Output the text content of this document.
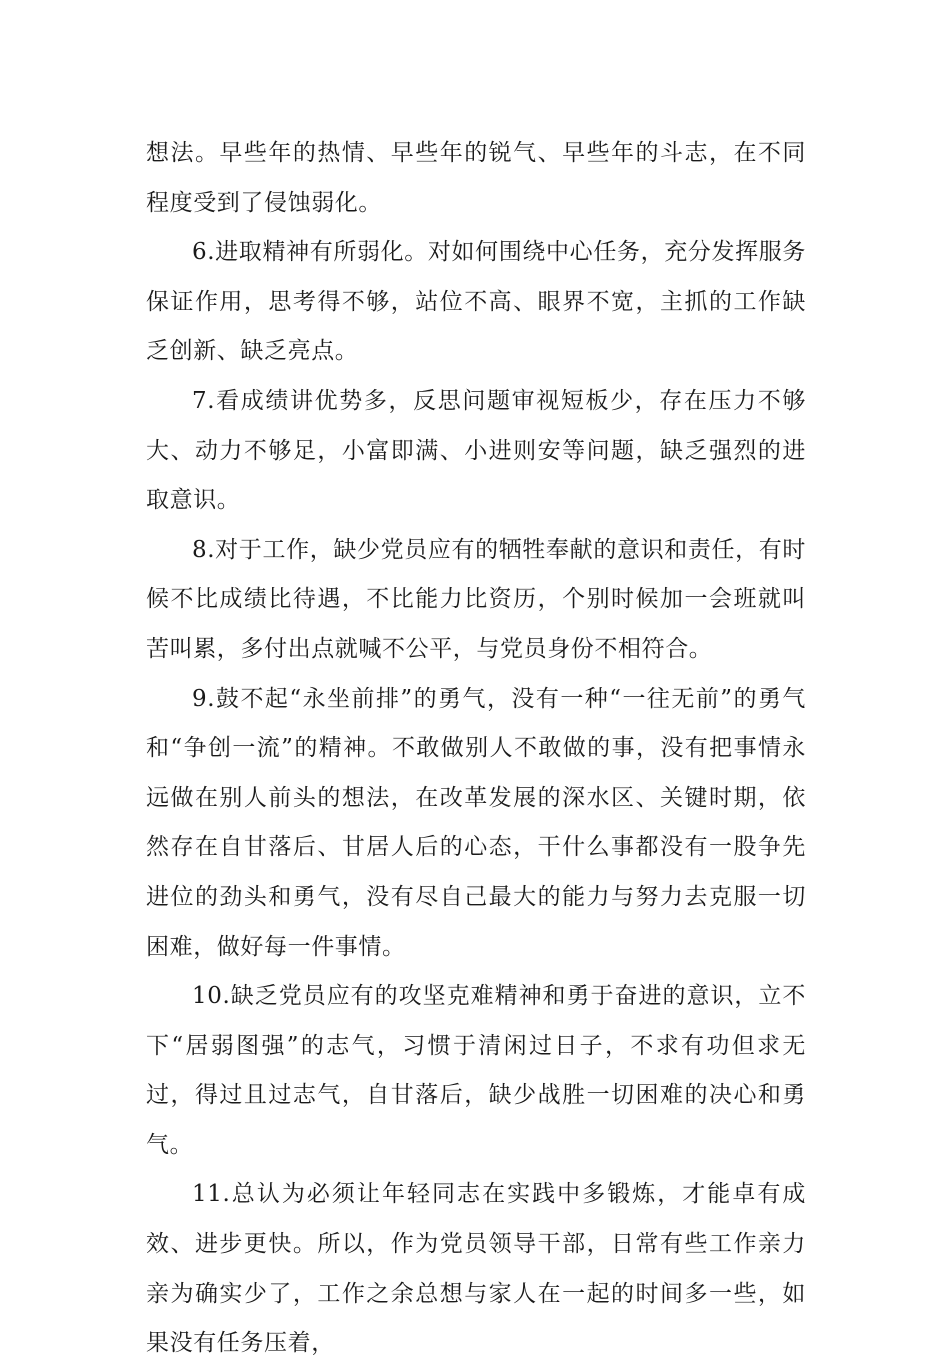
想法。早些年的热情、早些年的锐气、早些年的斗志，在不同程度受到了侵蚀弱化。

6.进取精神有所弱化。对如何围绕中心任务，充分发挥服务保证作用，思考得不够，站位不高、眼界不宽，主抓的工作缺乏创新、缺乏亮点。

7.看成绩讲优势多，反思问题审视短板少，存在压力不够大、动力不够足，小富即满、小进则安等问题，缺乏强烈的进取意识。

8.对于工作，缺少党员应有的牺牲奉献的意识和责任，有时候不比成绩比待遇，不比能力比资历，个别时候加一会班就叫苦叫累，多付出点就喊不公平，与党员身份不相符合。

9.鼓不起“永坐前排”的勇气，没有一种“一往无前”的勇气和“争创一流”的精神。不敢做别人不敢做的事，没有把事情永远做在别人前头的想法，在改革发展的深水区、关键时期，依然存在自甘落后、甘居人后的心态，干什么事都没有一股争先进位的劲头和勇气，没有尽自己最大的能力与努力去克服一切困难，做好每一件事情。

10.缺乏党员应有的攻坚克难精神和勇于奋进的意识，立不下“居弱图强”的志气，习惯于清闲过日子，不求有功但求无过，得过且过志气，自甘落后，缺少战胜一切困难的决心和勇气。

11.总认为必须让年轻同志在实践中多锻炼，才能卓有成效、进步更快。所以，作为党员领导干部，日常有些工作亲力亲为确实少了，工作之余总想与家人在一起的时间多一些，如果没有任务压着，
